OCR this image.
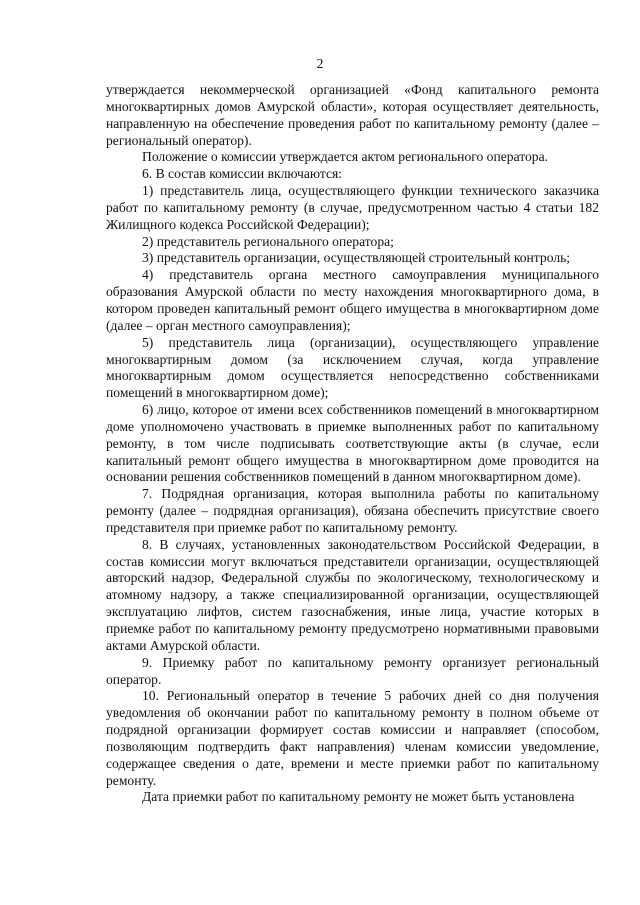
2

утверждается некоммерческой организацией «Фонд капитального ремонта многоквартирных домов Амурской области», которая осуществляет деятельность, направленную на обеспечение проведения работ по капитальному ремонту (далее – региональный оператор).

Положение о комиссии утверждается актом регионального оператора.

6. В состав комиссии включаются:

1) представитель лица, осуществляющего функции технического заказчика работ по капитальному ремонту (в случае, предусмотренном частью 4 статьи 182 Жилищного кодекса Российской Федерации);

2) представитель регионального оператора;

3) представитель организации, осуществляющей строительный контроль;

4) представитель органа местного самоуправления муниципального образования Амурской области по месту нахождения многоквартирного дома, в котором проведен капитальный ремонт общего имущества в многоквартирном доме (далее – орган местного самоуправления);

5) представитель лица (организации), осуществляющего управление многоквартирным домом (за исключением случая, когда управление многоквартирным домом осуществляется непосредственно собственниками помещений в многоквартирном доме);

6) лицо, которое от имени всех собственников помещений в многоквартирном доме уполномочено участвовать в приемке выполненных работ по капитальному ремонту, в том числе подписывать соответствующие акты (в случае, если капитальный ремонт общего имущества в многоквартирном доме проводится на основании решения собственников помещений в данном многоквартирном доме).

7. Подрядная организация, которая выполнила работы по капитальному ремонту (далее – подрядная организация), обязана обеспечить присутствие своего представителя при приемке работ по капитальному ремонту.

8. В случаях, установленных законодательством Российской Федерации, в состав комиссии могут включаться представители организации, осуществляющей авторский надзор, Федеральной службы по экологическому, технологическому и атомному надзору, а также специализированной организации, осуществляющей эксплуатацию лифтов, систем газоснабжения, иные лица, участие которых в приемке работ по капитальному ремонту предусмотрено нормативными правовыми актами Амурской области.

9. Приемку работ по капитальному ремонту организует региональный оператор.

10. Региональный оператор в течение 5 рабочих дней со дня получения уведомления об окончании работ по капитальному ремонту в полном объеме от подрядной организации формирует состав комиссии и направляет (способом, позволяющим подтвердить факт направления) членам комиссии уведомление, содержащее сведения о дате, времени и месте приемки работ по капитальному ремонту.

Дата приемки работ по капитальному ремонту не может быть установлена
